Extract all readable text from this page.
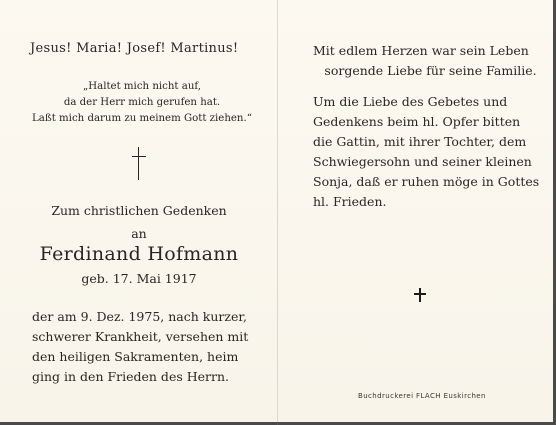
Jesus! Maria! Josef! Martinus!
„Haltet mich nicht auf,
da der Herr mich gerufen hat.
Laßt mich darum zu meinem Gott ziehen.“
Zum christlichen Gedenken
an
Ferdinand Hofmann
geb. 17. Mai 1917
der am 9. Dez. 1975, nach kurzer,
schwerer Krankheit, versehen mit
den heiligen Sakramenten, heim
ging in den Frieden des Herrn.
Mit edlem Herzen war sein Leben
sorgende Liebe für seine Familie.
Um die Liebe des Gebetes und
Gedenkens beim hl. Opfer bitten
die Gattin, mit ihrer Tochter, dem
Schwiegersohn und seiner kleinen
Sonja, daß er ruhen möge in Gottes
hl. Frieden.
Buchdruckerei FLACH Euskirchen
